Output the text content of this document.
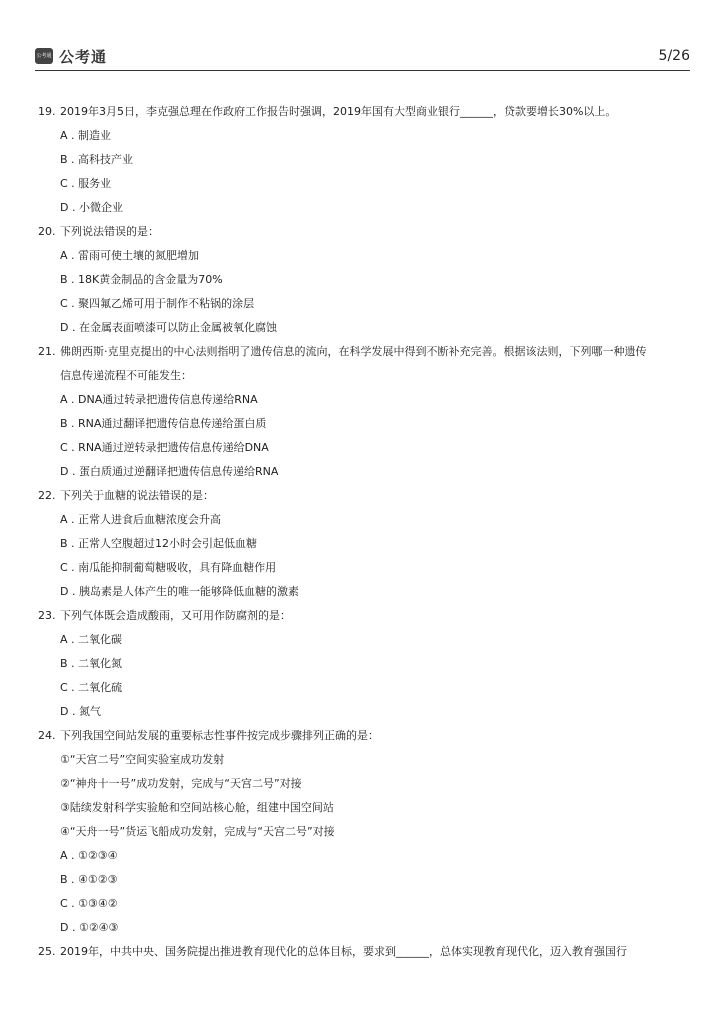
公考通 公考通	5/26
19. 2019年3月5日，李克强总理在作政府工作报告时强调，2019年国有大型商业银行______，贷款要增长30%以上。
A . 制造业
B . 高科技产业
C . 服务业
D . 小微企业
20. 下列说法错误的是：
A . 雷雨可使土壤的氮肥增加
B . 18K黄金制品的含金量为70%
C . 聚四氟乙烯可用于制作不粘锅的涂层
D . 在金属表面喷漆可以防止金属被氧化腐蚀
21. 佛朗西斯·克里克提出的中心法则指明了遗传信息的流向，在科学发展中得到不断补充完善。根据该法则，下列哪一种遗传
信息传递流程不可能发生：
A . DNA通过转录把遗传信息传递给RNA
B . RNA通过翻译把遗传信息传递给蛋白质
C . RNA通过逆转录把遗传信息传递给DNA
D . 蛋白质通过逆翻译把遗传信息传递给RNA
22. 下列关于血糖的说法错误的是：
A . 正常人进食后血糖浓度会升高
B . 正常人空腹超过12小时会引起低血糖
C . 南瓜能抑制葡萄糖吸收，具有降血糖作用
D . 胰岛素是人体产生的唯一能够降低血糖的激素
23. 下列气体既会造成酸雨，又可用作防腐剂的是：
A . 二氧化碳
B . 二氧化氮
C . 二氧化硫
D . 氮气
24. 下列我国空间站发展的重要标志性事件按完成步骤排列正确的是：
①“天宫二号”空间实验室成功发射
②“神舟十一号”成功发射，完成与“天宫二号”对接
③陆续发射科学实验舱和空间站核心舱，组建中国空间站
④“天舟一号”货运飞船成功发射，完成与“天宫二号”对接
A . ①②③④
B . ④①②③
C . ①③④②
D . ①②④③
25. 2019年，中共中央、国务院提出推进教育现代化的总体目标，要求到______，总体实现教育现代化，迈入教育强国行
